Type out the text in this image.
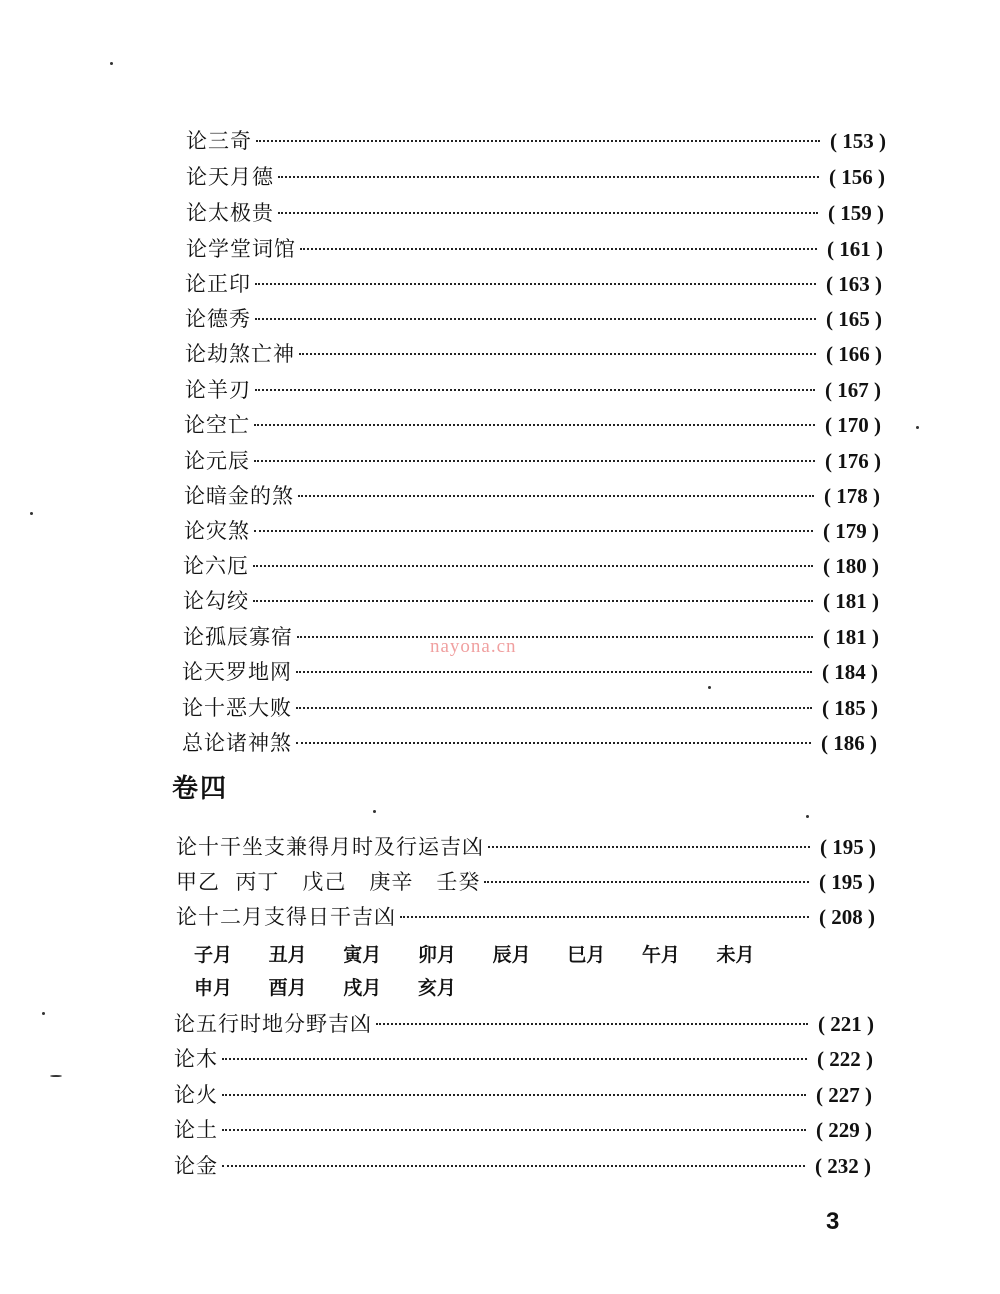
论三奇	( 153 )
论天月德	( 156 )
论太极贵	( 159 )
论学堂词馆	( 161 )
论正印	( 163 )
论德秀	( 165 )
论劫煞亡神	( 166 )
论羊刃	( 167 )
论空亡	( 170 )
论元辰	( 176 )
论暗金的煞	( 178 )
论灾煞	( 179 )
论六厄	( 180 )
论勾绞	( 181 )
论孤辰寡宿	( 181 )
论天罗地网	( 184 )
论十恶大败	( 185 )
总论诸神煞	( 186 )
卷四
论十干坐支兼得月时及行运吉凶	( 195 )
甲乙  丙丁   戊己   庚辛   壬癸	( 195 )
论十二月支得日干吉凶	( 208 )
子月 丑月 寅月 卯月 辰月 巳月 午月 未月
申月 酉月 戌月 亥月
论五行时地分野吉凶	( 221 )
论木	( 222 )
论火	( 227 )
论土	( 229 )
论金	( 232 )
nayona.cn
3
